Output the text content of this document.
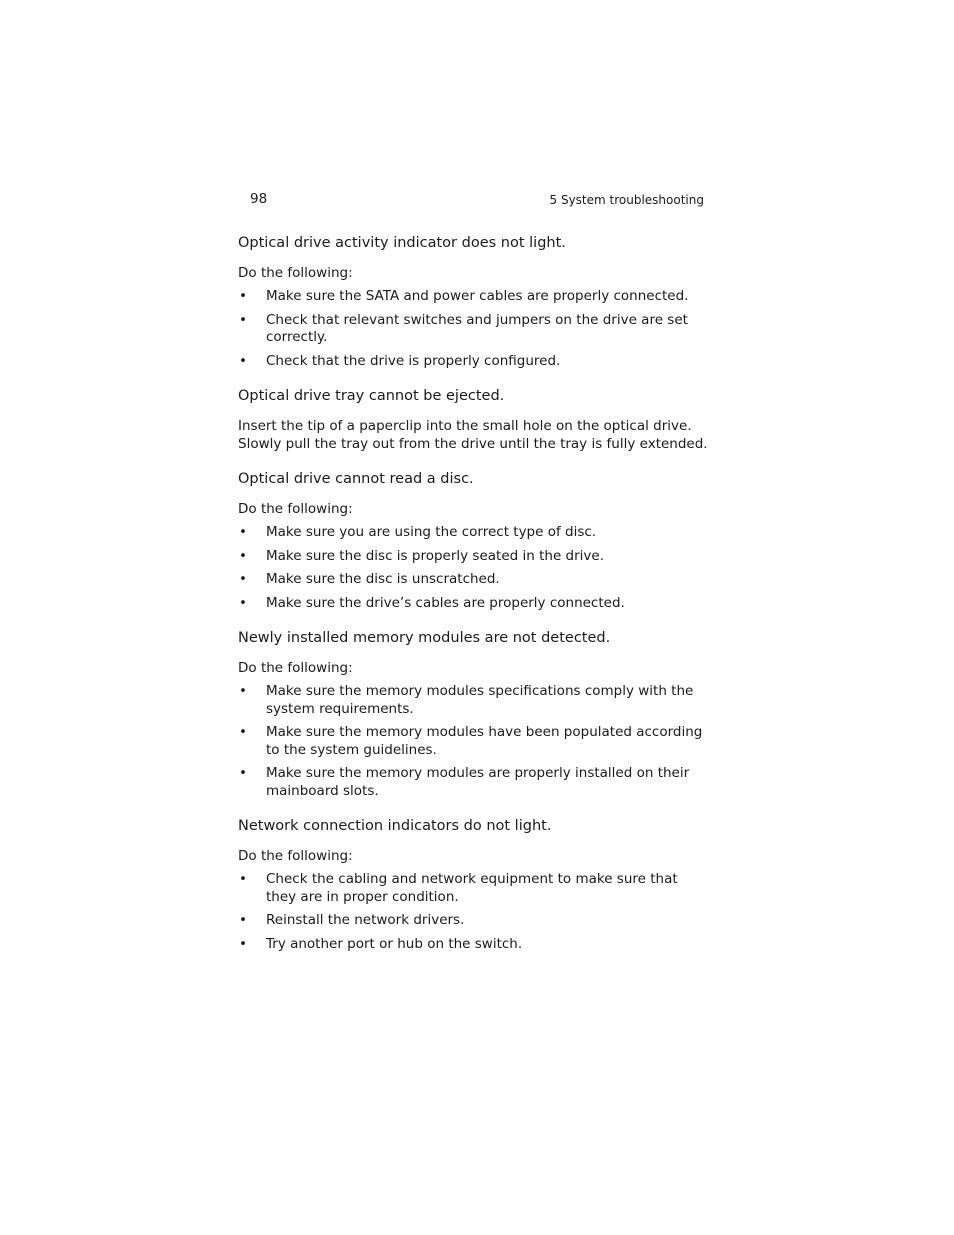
98	5 System troubleshooting

Optical drive activity indicator does not light.

Do the following:

• Make sure the SATA and power cables are properly connected.
• Check that relevant switches and jumpers on the drive are set correctly.
• Check that the drive is properly configured.

Optical drive tray cannot be ejected.

Insert the tip of a paperclip into the small hole on the optical drive. Slowly pull the tray out from the drive until the tray is fully extended.

Optical drive cannot read a disc.

Do the following:

• Make sure you are using the correct type of disc.
• Make sure the disc is properly seated in the drive.
• Make sure the disc is unscratched.
• Make sure the drive’s cables are properly connected.

Newly installed memory modules are not detected.

Do the following:

• Make sure the memory modules specifications comply with the system requirements.
• Make sure the memory modules have been populated according to the system guidelines.
• Make sure the memory modules are properly installed on their mainboard slots.

Network connection indicators do not light.

Do the following:

• Check the cabling and network equipment to make sure that they are in proper condition.
• Reinstall the network drivers.
• Try another port or hub on the switch.
